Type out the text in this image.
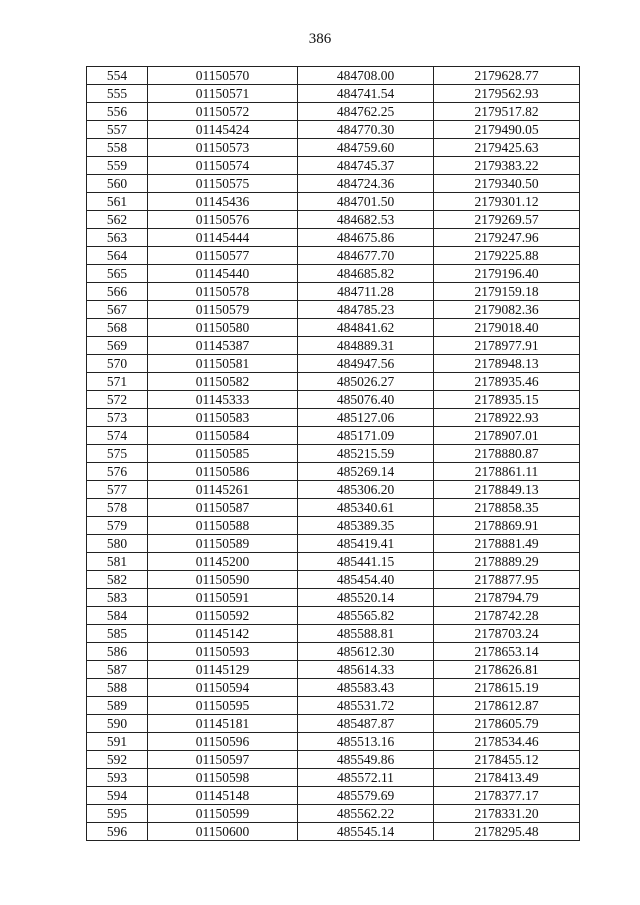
386
554	01150570	484708.00	2179628.77
555	01150571	484741.54	2179562.93
556	01150572	484762.25	2179517.82
557	01145424	484770.30	2179490.05
558	01150573	484759.60	2179425.63
559	01150574	484745.37	2179383.22
560	01150575	484724.36	2179340.50
561	01145436	484701.50	2179301.12
562	01150576	484682.53	2179269.57
563	01145444	484675.86	2179247.96
564	01150577	484677.70	2179225.88
565	01145440	484685.82	2179196.40
566	01150578	484711.28	2179159.18
567	01150579	484785.23	2179082.36
568	01150580	484841.62	2179018.40
569	01145387	484889.31	2178977.91
570	01150581	484947.56	2178948.13
571	01150582	485026.27	2178935.46
572	01145333	485076.40	2178935.15
573	01150583	485127.06	2178922.93
574	01150584	485171.09	2178907.01
575	01150585	485215.59	2178880.87
576	01150586	485269.14	2178861.11
577	01145261	485306.20	2178849.13
578	01150587	485340.61	2178858.35
579	01150588	485389.35	2178869.91
580	01150589	485419.41	2178881.49
581	01145200	485441.15	2178889.29
582	01150590	485454.40	2178877.95
583	01150591	485520.14	2178794.79
584	01150592	485565.82	2178742.28
585	01145142	485588.81	2178703.24
586	01150593	485612.30	2178653.14
587	01145129	485614.33	2178626.81
588	01150594	485583.43	2178615.19
589	01150595	485531.72	2178612.87
590	01145181	485487.87	2178605.79
591	01150596	485513.16	2178534.46
592	01150597	485549.86	2178455.12
593	01150598	485572.11	2178413.49
594	01145148	485579.69	2178377.17
595	01150599	485562.22	2178331.20
596	01150600	485545.14	2178295.48
